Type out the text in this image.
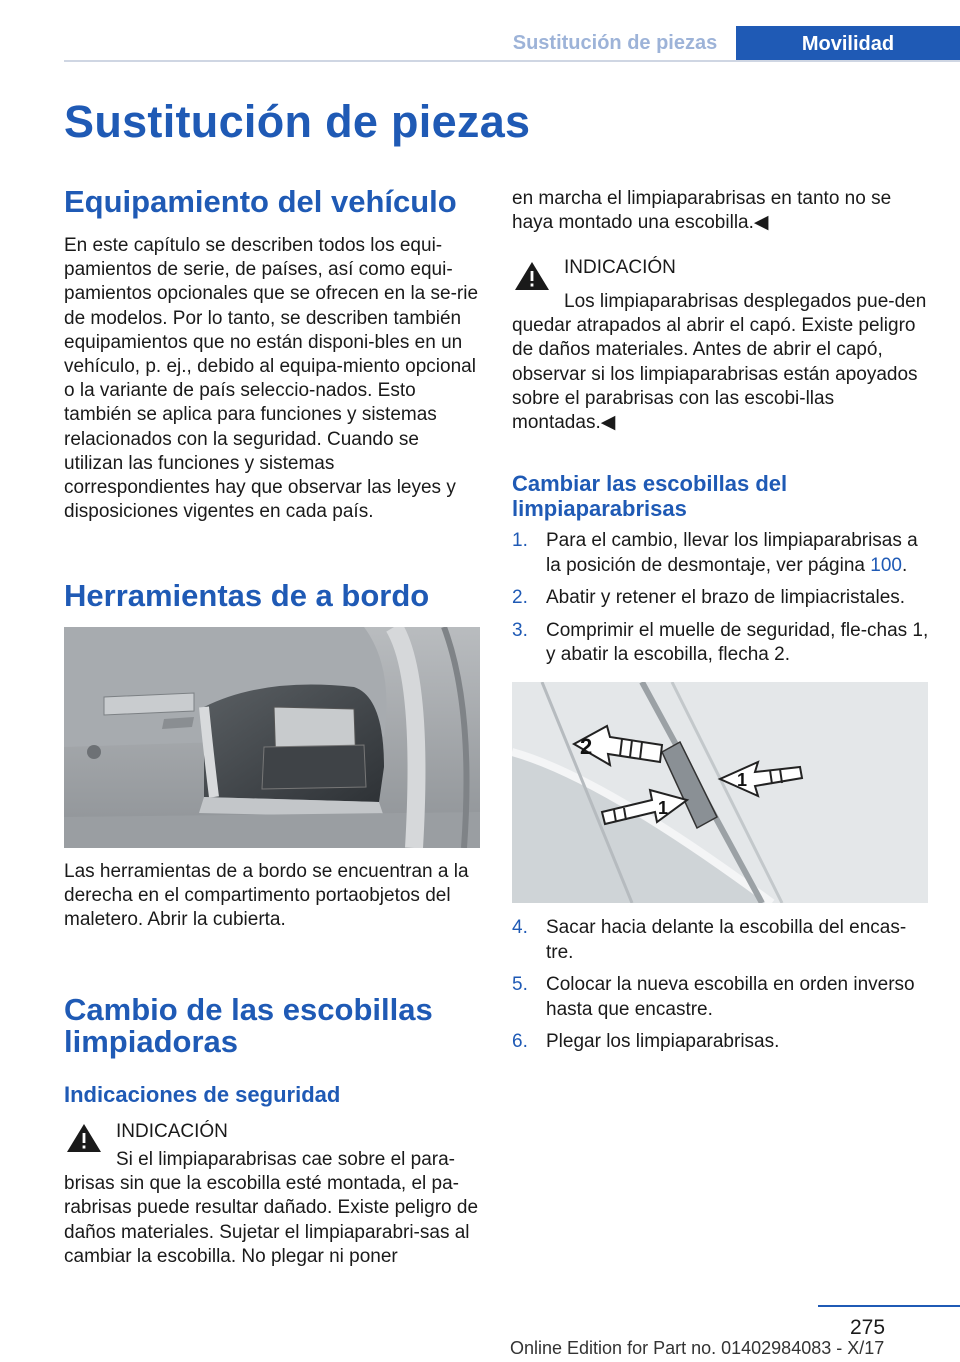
Sustitución de piezas	Movilidad
Sustitución de piezas
Equipamiento del vehículo

En este capítulo se describen todos los equi-pamientos de serie, de países, así como equi-pamientos opcionales que se ofrecen en la se-rie de modelos. Por lo tanto, se describen también equipamientos que no están disponi-bles en un vehículo, p. ej., debido al equipa-miento opcional o la variante de país seleccio-nados. Esto también se aplica para funciones y sistemas relacionados con la seguridad. Cuando se utilizan las funciones y sistemas correspondientes hay que observar las leyes y disposiciones vigentes en cada país.

Herramientas de a bordo

Las herramientas de a bordo se encuentran a la derecha en el compartimento portaobjetos del maletero. Abrir la cubierta.

Cambio de las escobillas limpiadoras
Indicaciones de seguridad

INDICACIÓN

Si el limpiaparabrisas cae sobre el para-brisas sin que la escobilla esté montada, el pa-rabrisas puede resultar dañado. Existe peligro de daños materiales. Sujetar el limpiaparabri-sas al cambiar la escobilla. No plegar ni poner

en marcha el limpiaparabrisas en tanto no se haya montado una escobilla.◀

INDICACIÓN

Los limpiaparabrisas desplegados pue-den quedar atrapados al abrir el capó. Existe peligro de daños materiales. Antes de abrir el capó, observar si los limpiaparabrisas están apoyados sobre el parabrisas con las escobi-llas montadas.◀

Cambiar las escobillas del limpiaparabrisas
1. Para el cambio, llevar los limpiaparabrisas a la posición de desmontaje, ver página 100.
2. Abatir y retener el brazo de limpiacristales.
3. Comprimir el muelle de seguridad, fle-chas 1, y abatir la escobilla, flecha 2.
2
1
1
4. Sacar hacia delante la escobilla del encas-tre.
5. Colocar la nueva escobilla en orden inverso hasta que encastre.
6. Plegar los limpiaparabrisas.
275
Online Edition for Part no. 01402984083 - X/17
